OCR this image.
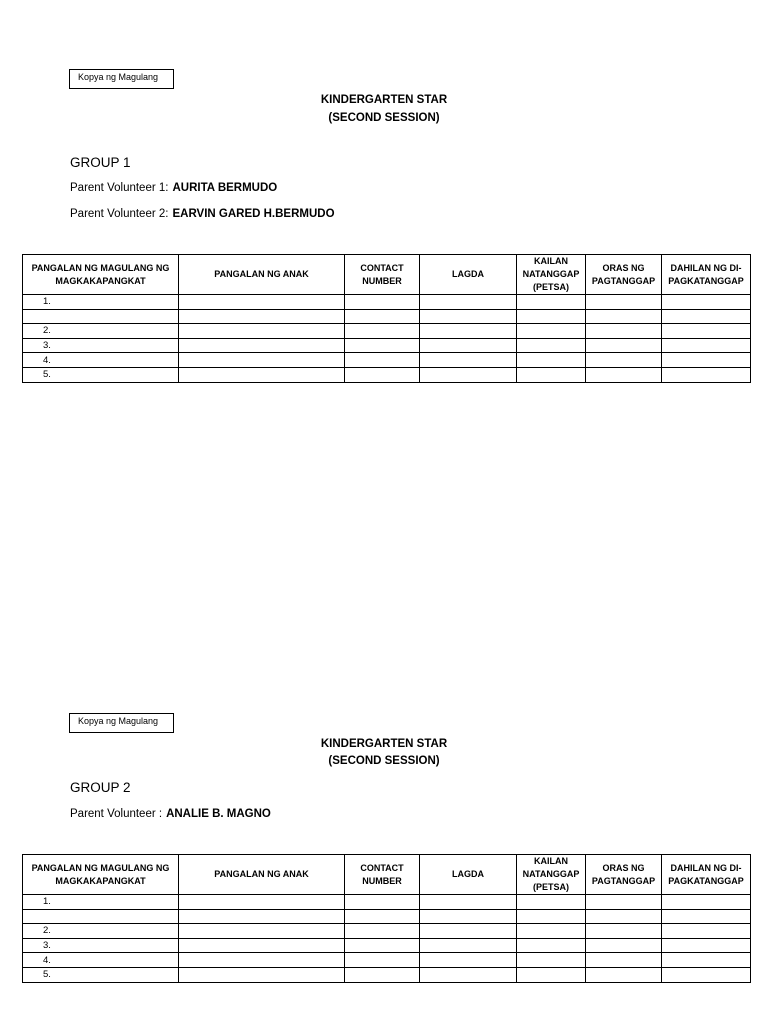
Kopya ng Magulang
KINDERGARTEN STAR
(SECOND SESSION)
GROUP 1
Parent Volunteer 1: AURITA BERMUDO
Parent Volunteer 2: EARVIN GARED H.BERMUDO
PANGALAN NG MAGULANG NG MAGKAKAPANGKAT	PANGALAN NG ANAK	CONTACT NUMBER	LAGDA	KAILAN NATANGGAP (PETSA)	ORAS NG PAGTANGGAP	DAHILAN NG DI-PAGKATANGGAP
1.						

2.						
3.						
4.						
5.						
Kopya ng Magulang
KINDERGARTEN STAR
(SECOND SESSION)
GROUP 2
Parent Volunteer : ANALIE B. MAGNO
PANGALAN NG MAGULANG NG MAGKAKAPANGKAT	PANGALAN NG ANAK	CONTACT NUMBER	LAGDA	KAILAN NATANGGAP (PETSA)	ORAS NG PAGTANGGAP	DAHILAN NG DI-PAGKATANGGAP
1.						

2.						
3.						
4.						
5.						
